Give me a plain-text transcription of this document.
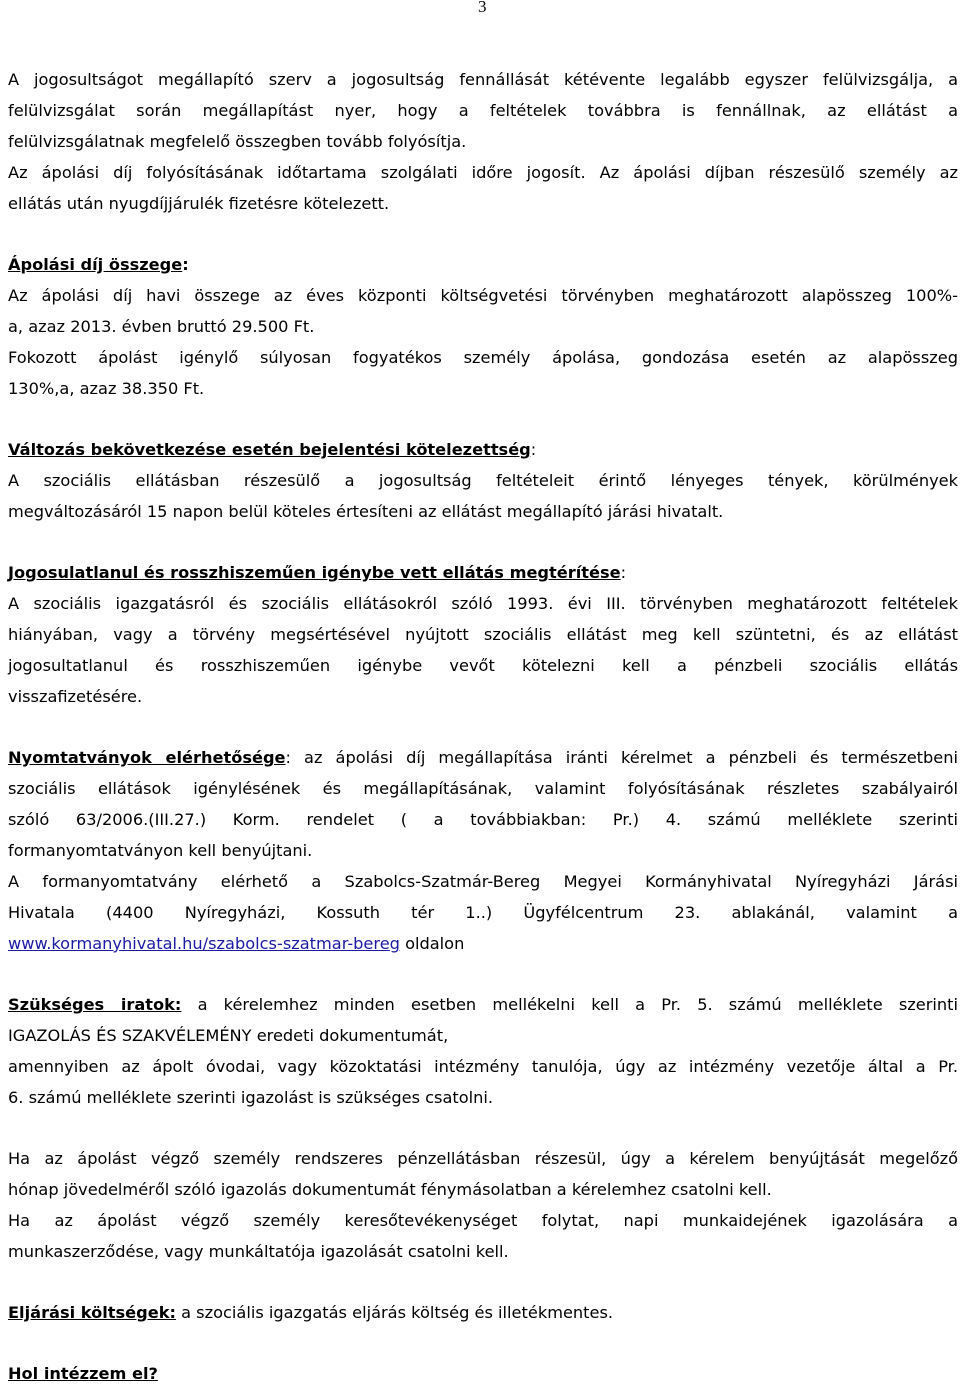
3
A jogosultságot megállapító szerv a jogosultság fennállását kétévente legalább egyszer felülvizsgálja, a
felülvizsgálat során megállapítást nyer, hogy a feltételek továbbra is fennállnak, az ellátást a
felülvizsgálatnak megfelelő összegben tovább folyósítja.
Az ápolási díj folyósításának időtartama szolgálati időre jogosít. Az ápolási díjban részesülő személy az
ellátás után nyugdíjjárulék fizetésre kötelezett.
Ápolási díj összege:
Az ápolási díj havi összege az éves központi költségvetési törvényben meghatározott alapösszeg 100%-
a, azaz 2013. évben bruttó 29.500 Ft.
Fokozott ápolást igénylő súlyosan fogyatékos személy ápolása, gondozása esetén az alapösszeg
130%,a, azaz 38.350 Ft.
Változás bekövetkezése esetén bejelentési kötelezettség:
A szociális ellátásban részesülő a jogosultság feltételeit érintő lényeges tények, körülmények
megváltozásáról 15 napon belül köteles értesíteni az ellátást megállapító járási hivatalt.
Jogosulatlanul és rosszhiszeműen igénybe vett ellátás megtérítése:
A szociális igazgatásról és szociális ellátásokról szóló 1993. évi III. törvényben meghatározott feltételek
hiányában, vagy a törvény megsértésével nyújtott szociális ellátást meg kell szüntetni, és az ellátást
jogosultatlanul és rosszhiszeműen igénybe vevőt kötelezni kell a pénzbeli szociális ellátás
visszafizetésére.
Nyomtatványok elérhetősége: az ápolási díj megállapítása iránti kérelmet a pénzbeli és természetbeni
szociális ellátások igénylésének és megállapításának, valamint folyósításának részletes szabályairól
szóló 63/2006.(III.27.) Korm. rendelet ( a továbbiakban: Pr.) 4. számú melléklete szerinti
formanyomtatványon kell benyújtani.
A formanyomtatvány elérhető a Szabolcs-Szatmár-Bereg Megyei Kormányhivatal Nyíregyházi Járási
Hivatala (4400 Nyíregyházi, Kossuth tér 1..) Ügyfélcentrum 23. ablakánál, valamint a
www.kormanyhivatal.hu/szabolcs-szatmar-bereg oldalon
Szükséges iratok: a kérelemhez minden esetben mellékelni kell a Pr. 5. számú melléklete szerinti
IGAZOLÁS ÉS SZAKVÉLEMÉNY eredeti dokumentumát,
amennyiben az ápolt óvodai, vagy közoktatási intézmény tanulója, úgy az intézmény vezetője által a Pr.
6. számú melléklete szerinti igazolást is szükséges csatolni.
Ha az ápolást végző személy rendszeres pénzellátásban részesül, úgy a kérelem benyújtását megelőző
hónap jövedelméről szóló igazolás dokumentumát fénymásolatban a kérelemhez csatolni kell.
Ha az ápolást végző személy keresőtevékenységet folytat, napi munkaidejének igazolására a
munkaszerződése, vagy munkáltatója igazolását csatolni kell.
Eljárási költségek: a szociális igazgatás eljárás költség és illetékmentes.
Hol intézzem el?
